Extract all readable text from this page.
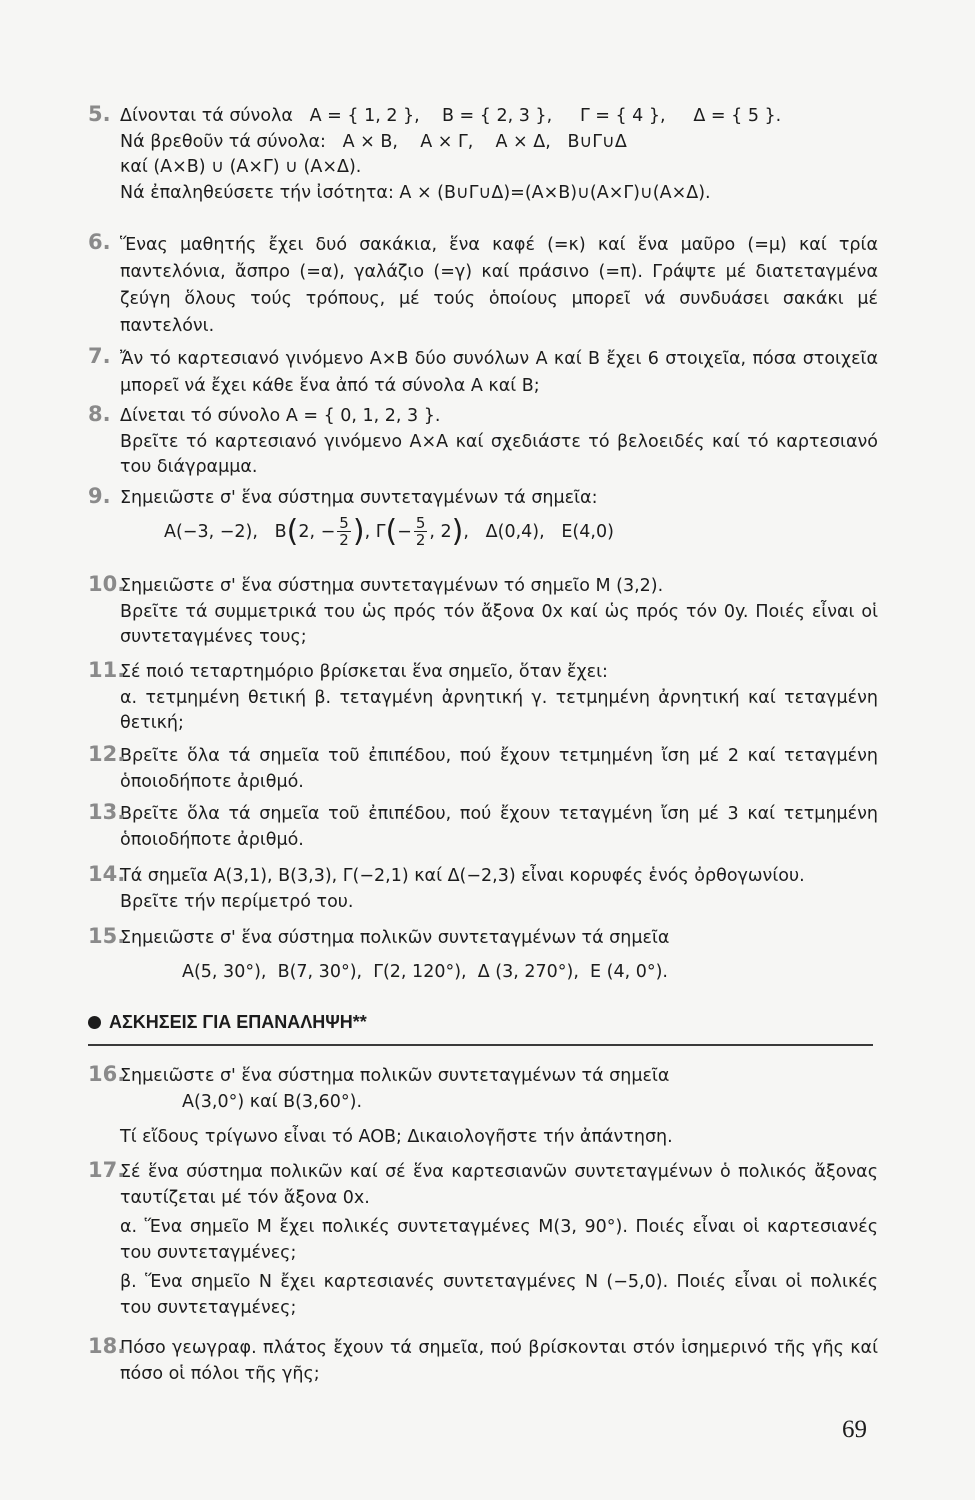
5. Δίνονται τά σύνολα   A = { 1, 2 },    B = { 2, 3 },     Γ = { 4 },     Δ = { 5 }.
Νά βρεθοῦν τά σύνολα:   A × B,    A × Γ,    A × Δ,   B∪Γ∪Δ
καί (A×B) ∪ (A×Γ) ∪ (A×Δ).
Νά ἐπαληθεύσετε τήν ἰσότητα: A × (B∪Γ∪Δ)=(A×B)∪(A×Γ)∪(A×Δ).
6. Ἕνας μαθητής ἔχει δυό σακάκια, ἕνα καφέ (=κ) καί ἕνα μαῦρο (=μ) καί τρία παντελόνια, ἄσπρο (=α), γαλάζιο (=γ) καί πράσινο (=π). Γράψτε μέ διατεταγμένα ζεύγη ὅλους τούς τρόπους, μέ τούς ὁποίους μπορεῖ νά συνδυάσει σακάκι μέ παντελόνι.
7. Ἄν τό καρτεσιανό γινόμενο A×B δύο συνόλων A καί B ἔχει 6 στοιχεῖα, πόσα στοιχεῖα μπορεῖ νά ἔχει κάθε ἕνα ἀπό τά σύνολα A καί B;
8. Δίνεται τό σύνολο A = { 0, 1, 2, 3 }.
Βρεῖτε τό καρτεσιανό γινόμενο A×A καί σχεδιάστε τό βελοειδές καί τό καρτεσιανό του διάγραμμα.
9. Σημειῶστε σ' ἕνα σύστημα συντεταγμένων τά σημεῖα:
A(−3, −2), B(2, − $\frac{5}{2}$ ), $\Gamma(- \frac{5}{2}$ , 2),   Δ(0,4), E(4,0)
10.
Σημειῶστε σ' ἕνα σύστημα συντεταγμένων τό σημεῖο M (3,2).
Βρεῖτε τά συμμετρικά του ὡς πρός τόν ἄξονα 0x καί ὡς πρός τόν 0y. Ποιές εἶναι οἱ συντεταγμένες τους;
11.
Σέ ποιό τεταρτημόριο βρίσκεται ἕνα σημεῖο, ὅταν ἔχει:
α. τετμημένη θετική β. τεταγμένη ἀρνητική γ. τετμημένη ἀρνητική καί τεταγμένη θετική;
12.
Βρεῖτε ὅλα τά σημεῖα τοῦ ἐπιπέδου, πού ἔχουν τετμημένη ἴση μέ 2 καί τεταγμένη ὁποιοδήποτε ἀριθμό.
13.
Βρεῖτε ὅλα τά σημεῖα τοῦ ἐπιπέδου, πού ἔχουν τεταγμένη ἴση μέ 3 καί τετμημένη ὁποιοδήποτε ἀριθμό.
14.
Τά σημεῖα A(3,1), B(3,3), Γ(−2,1) καί Δ(−2,3) εἶναι κορυφές ἑνός ὀρθογωνίου.
Βρεῖτε τήν περίμετρό του.
15.
Σημειῶστε σ' ἕνα σύστημα πολικῶν συντεταγμένων τά σημεῖα
A(5, 30°),  B(7, 30°),  Γ(2, 120°),  Δ (3, 270°),  E (4, 0°).
ΑΣΚΗΣΕΙΣ ΓΙΑ ΕΠΑΝΑΛΗΨΗ**
16.
Σημειῶστε σ' ἕνα σύστημα πολικῶν συντεταγμένων τά σημεῖα
A(3,0°) καί B(3,60°).
Τί εἴδους τρίγωνο εἶναι τό AOB; Δικαιολογῆστε τήν ἀπάντηση.
17.
Σέ ἕνα σύστημα πολικῶν καί σέ ἕνα καρτεσιανῶν συντεταγμένων ὁ πολικός ἄξονας ταυτίζεται μέ τόν ἄξονα 0x.
α. Ἕνα σημεῖο M ἔχει πολικές συντεταγμένες M(3, 90°). Ποιές εἶναι οἱ καρτεσιανές του συντεταγμένες;
β. Ἕνα σημεῖο N ἔχει καρτεσιανές συντεταγμένες N (−5,0). Ποιές εἶναι οἱ πολικές του συντεταγμένες;
18.
Πόσο γεωγραφ. πλάτος ἔχουν τά σημεῖα, πού βρίσκονται στόν ἰσημερινό τῆς γῆς καί πόσο οἱ πόλοι τῆς γῆς;
69
